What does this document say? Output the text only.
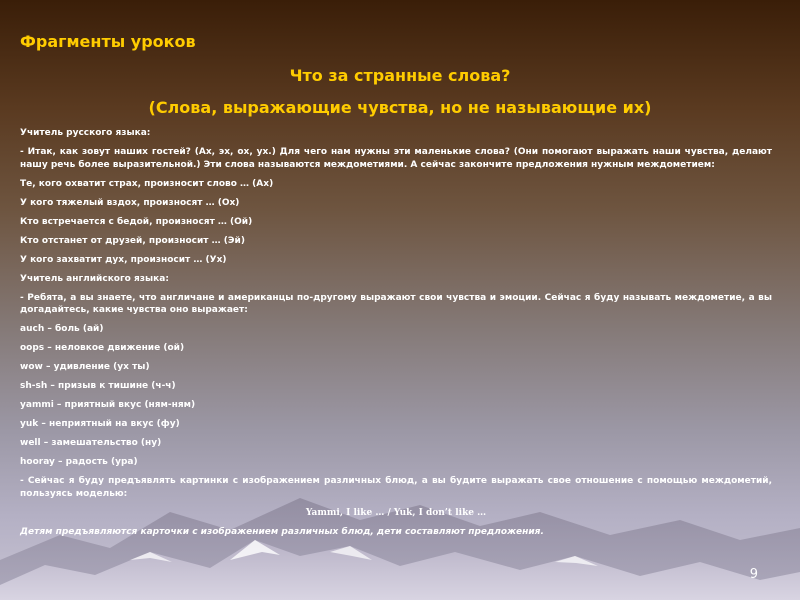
Фрагменты уроков
Что за странные слова?
(Слова, выражающие чувства, но не называющие их)

Учитель русского языка:

- Итак, как зовут наших гостей? (Ах, эх, ох, ух.) Для чего нам нужны эти маленькие слова? (Они помогают выражать наши чувства, делают нашу речь более выразительной.) Эти слова называются междометиями. А сейчас закончите предложения нужным междометием:

Те, кого охватит страх, произносит слово … (Ах)

У кого тяжелый вздох, произносят … (Ох)

Кто встречается с бедой, произносят … (Ой)

Кто отстанет от друзей, произносит … (Эй)

У кого захватит дух, произносит … (Ух)

Учитель английского языка:

- Ребята, а вы знаете, что англичане и американцы по-другому выражают свои чувства и эмоции. Сейчас я буду называть междометие, а вы догадайтесь, какие чувства оно выражает:

auch – боль (ай)

oops – неловкое движение (ой)

wow – удивление (ух ты)

sh-sh – призыв к тишине (ч-ч)

yammi – приятный вкус (ням-ням)

yuk – неприятный на вкус (фу)

well – замешательство (ну)

hooray – радость (ура)

- Сейчас я буду предъявлять картинки с изображением различных блюд, а вы будите выражать свое отношение с помощью междометий, пользуясь моделью:

Yammi, I like … / Yuk, I don’t like …

Детям предъявляются карточки с изображением различных блюд, дети составляют предложения.

9
